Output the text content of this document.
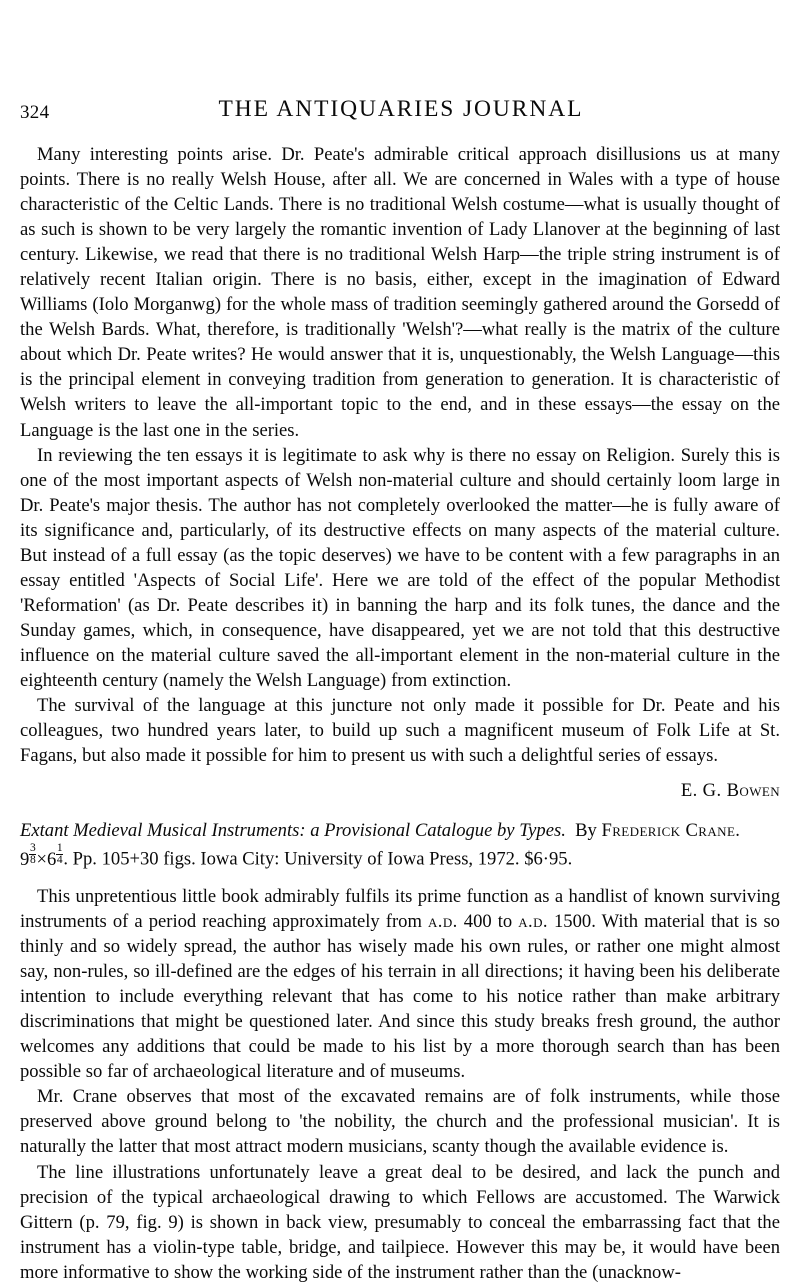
324	THE ANTIQUARIES JOURNAL

Many interesting points arise. Dr. Peate's admirable critical approach disillusions us at many points. There is no really Welsh House, after all. We are concerned in Wales with a type of house characteristic of the Celtic Lands. There is no traditional Welsh costume—what is usually thought of as such is shown to be very largely the romantic invention of Lady Llanover at the beginning of last century. Likewise, we read that there is no traditional Welsh Harp—the triple string instrument is of relatively recent Italian origin. There is no basis, either, except in the imagination of Edward Williams (Iolo Morganwg) for the whole mass of tradition seemingly gathered around the Gorsedd of the Welsh Bards. What, therefore, is traditionally 'Welsh'?—what really is the matrix of the culture about which Dr. Peate writes? He would answer that it is, unquestionably, the Welsh Language—this is the principal element in conveying tradition from generation to generation. It is characteristic of Welsh writers to leave the all-important topic to the end, and in these essays—the essay on the Language is the last one in the series.

In reviewing the ten essays it is legitimate to ask why is there no essay on Religion. Surely this is one of the most important aspects of Welsh non-material culture and should certainly loom large in Dr. Peate's major thesis. The author has not completely overlooked the matter—he is fully aware of its significance and, particularly, of its destructive effects on many aspects of the material culture. But instead of a full essay (as the topic deserves) we have to be content with a few paragraphs in an essay entitled 'Aspects of Social Life'. Here we are told of the effect of the popular Methodist 'Reformation' (as Dr. Peate describes it) in banning the harp and its folk tunes, the dance and the Sunday games, which, in consequence, have disappeared, yet we are not told that this destructive influence on the material culture saved the all-important element in the non-material culture in the eighteenth century (namely the Welsh Language) from extinction.

The survival of the language at this juncture not only made it possible for Dr. Peate and his colleagues, two hundred years later, to build up such a magnificent museum of Folk Life at St. Fagans, but also made it possible for him to present us with such a delightful series of essays.

E. G. Bowen

Extant Medieval Musical Instruments: a Provisional Catalogue by Types. By Frederick Crane.
$9 \frac{3}{8} \times 6 \frac{1}{4}$ . Pp. 105+30 figs. Iowa City: University of Iowa Press, 1972. $6·95.

This unpretentious little book admirably fulfils its prime function as a handlist of known surviving instruments of a period reaching approximately from a.d. 400 to a.d. 1500. With material that is so thinly and so widely spread, the author has wisely made his own rules, or rather one might almost say, non-rules, so ill-defined are the edges of his terrain in all directions; it having been his deliberate intention to include everything relevant that has come to his notice rather than make arbitrary discriminations that might be questioned later. And since this study breaks fresh ground, the author welcomes any additions that could be made to his list by a more thorough search than has been possible so far of archaeological literature and of museums.

Mr. Crane observes that most of the excavated remains are of folk instruments, while those preserved above ground belong to 'the nobility, the church and the professional musician'. It is naturally the latter that most attract modern musicians, scanty though the available evidence is.

The line illustrations unfortunately leave a great deal to be desired, and lack the punch and precision of the typical archaeological drawing to which Fellows are accustomed. The Warwick Gittern (p. 79, fig. 9) is shown in back view, presumably to conceal the embarrassing fact that the instrument has a violin-type table, bridge, and tailpiece. However this may be, it would have been more informative to show the working side of the instrument rather than the (unacknow-
